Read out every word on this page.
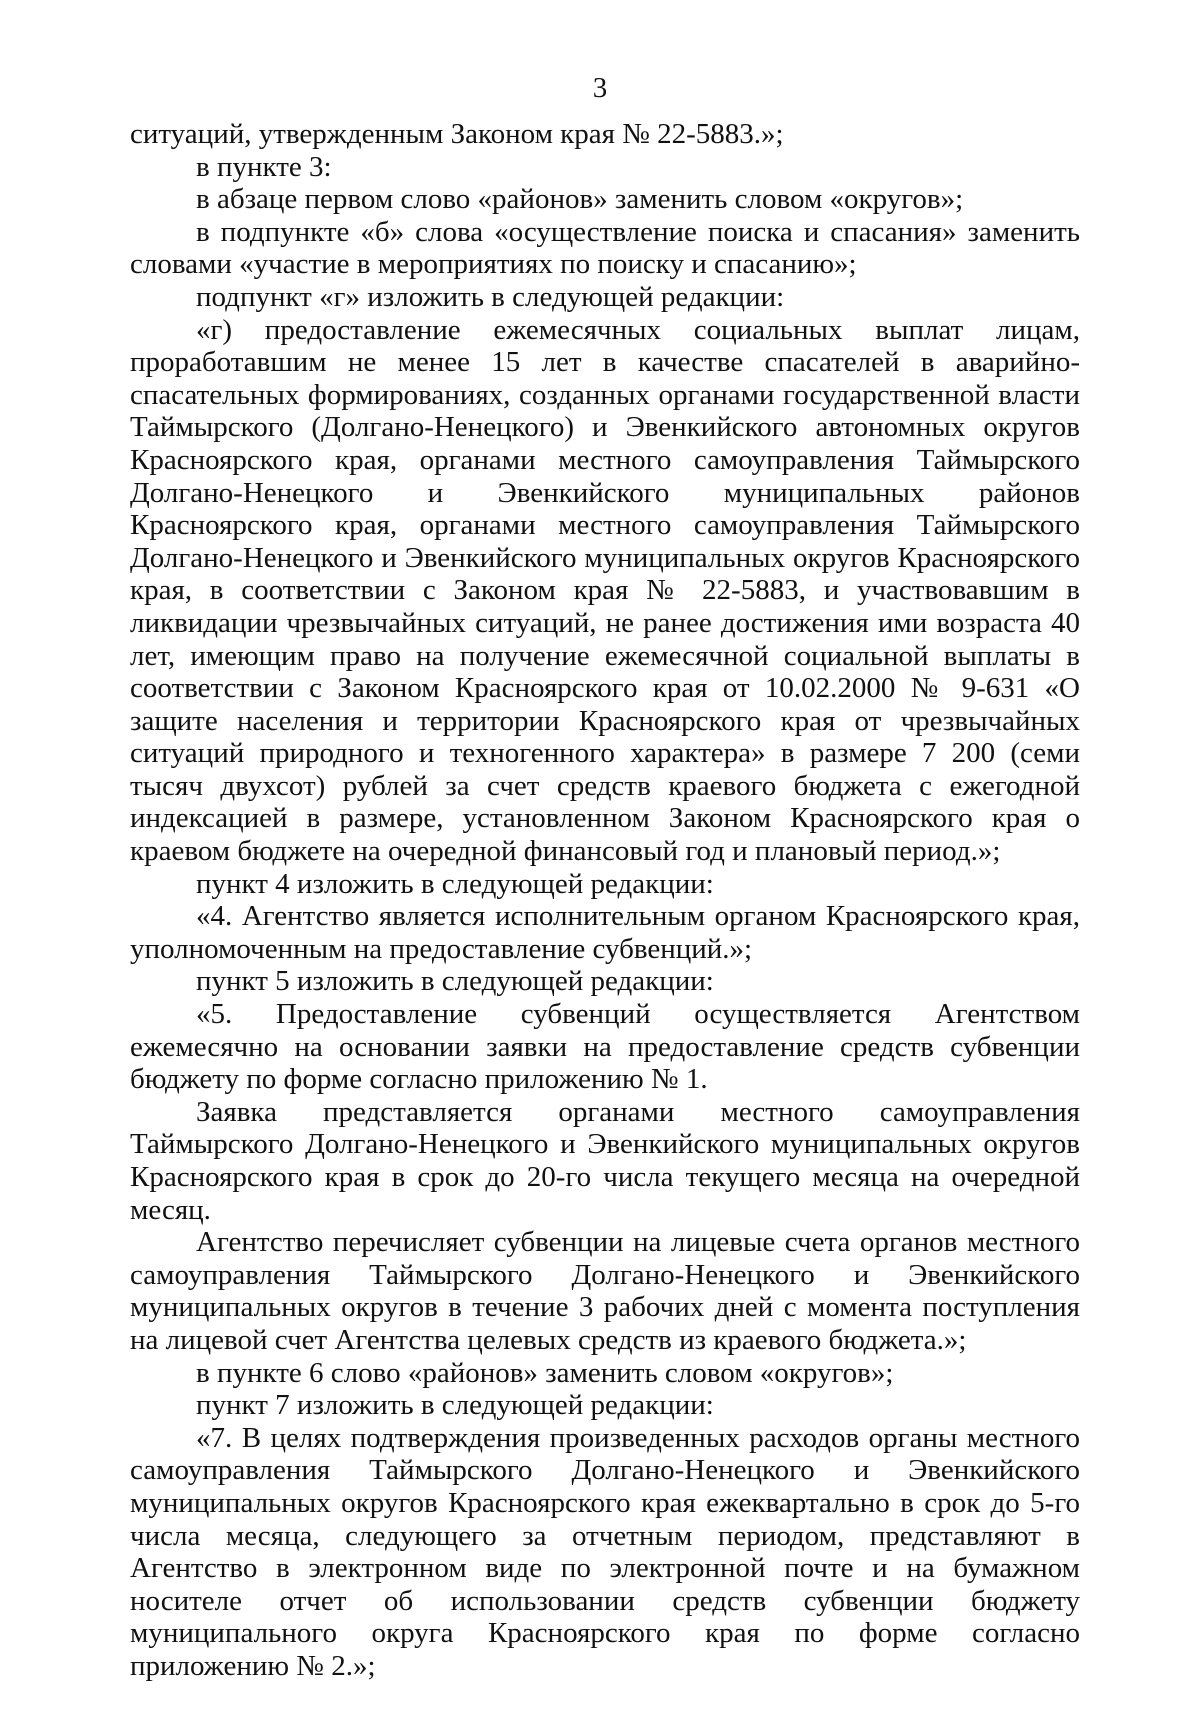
3

ситуаций, утвержденным Законом края № 22-5883.»;

в пункте 3:

в абзаце первом слово «районов» заменить словом «округов»;

в подпункте «б» слова «осуществление поиска и спасания» заменить словами «участие в мероприятиях по поиску и спасанию»;

подпункт «г» изложить в следующей редакции:

«г) предоставление ежемесячных социальных выплат лицам, проработавшим не менее 15 лет в качестве спасателей в аварийно-спасательных формированиях, созданных органами государственной власти Таймырского (Долгано-Ненецкого) и Эвенкийского автономных округов Красноярского края, органами местного самоуправления Таймырского Долгано-Ненецкого и Эвенкийского муниципальных районов Красноярского края, органами местного самоуправления Таймырского Долгано-Ненецкого и Эвенкийского муниципальных округов Красноярского края, в соответствии с Законом края № 22-5883, и участвовавшим в ликвидации чрезвычайных ситуаций, не ранее достижения ими возраста 40 лет, имеющим право на получение ежемесячной социальной выплаты в соответствии с Законом Красноярского края от 10.02.2000 № 9-631 «О защите населения и территории Красноярского края от чрезвычайных ситуаций природного и техногенного характера» в размере 7 200 (семи тысяч двухсот) рублей за счет средств краевого бюджета с ежегодной индексацией в размере, установленном Законом Красноярского края о краевом бюджете на очередной финансовый год и плановый период.»;

пункт 4 изложить в следующей редакции:

«4. Агентство является исполнительным органом Красноярского края, уполномоченным на предоставление субвенций.»;

пункт 5 изложить в следующей редакции:

«5. Предоставление субвенций осуществляется Агентством ежемесячно на основании заявки на предоставление средств субвенции бюджету по форме согласно приложению № 1.

Заявка представляется органами местного самоуправления Таймырского Долгано-Ненецкого и Эвенкийского муниципальных округов Красноярского края в срок до 20-го числа текущего месяца на очередной месяц.

Агентство перечисляет субвенции на лицевые счета органов местного самоуправления Таймырского Долгано-Ненецкого и Эвенкийского муниципальных округов в течение 3 рабочих дней с момента поступления на лицевой счет Агентства целевых средств из краевого бюджета.»;

в пункте 6 слово «районов» заменить словом «округов»;

пункт 7 изложить в следующей редакции:

«7. В целях подтверждения произведенных расходов органы местного самоуправления Таймырского Долгано-Ненецкого и Эвенкийского муниципальных округов Красноярского края ежеквартально в срок до 5-го числа месяца, следующего за отчетным периодом, представляют в Агентство в электронном виде по электронной почте и на бумажном носителе отчет об использовании средств субвенции бюджету муниципального округа Красноярского края по форме согласно приложению № 2.»;
